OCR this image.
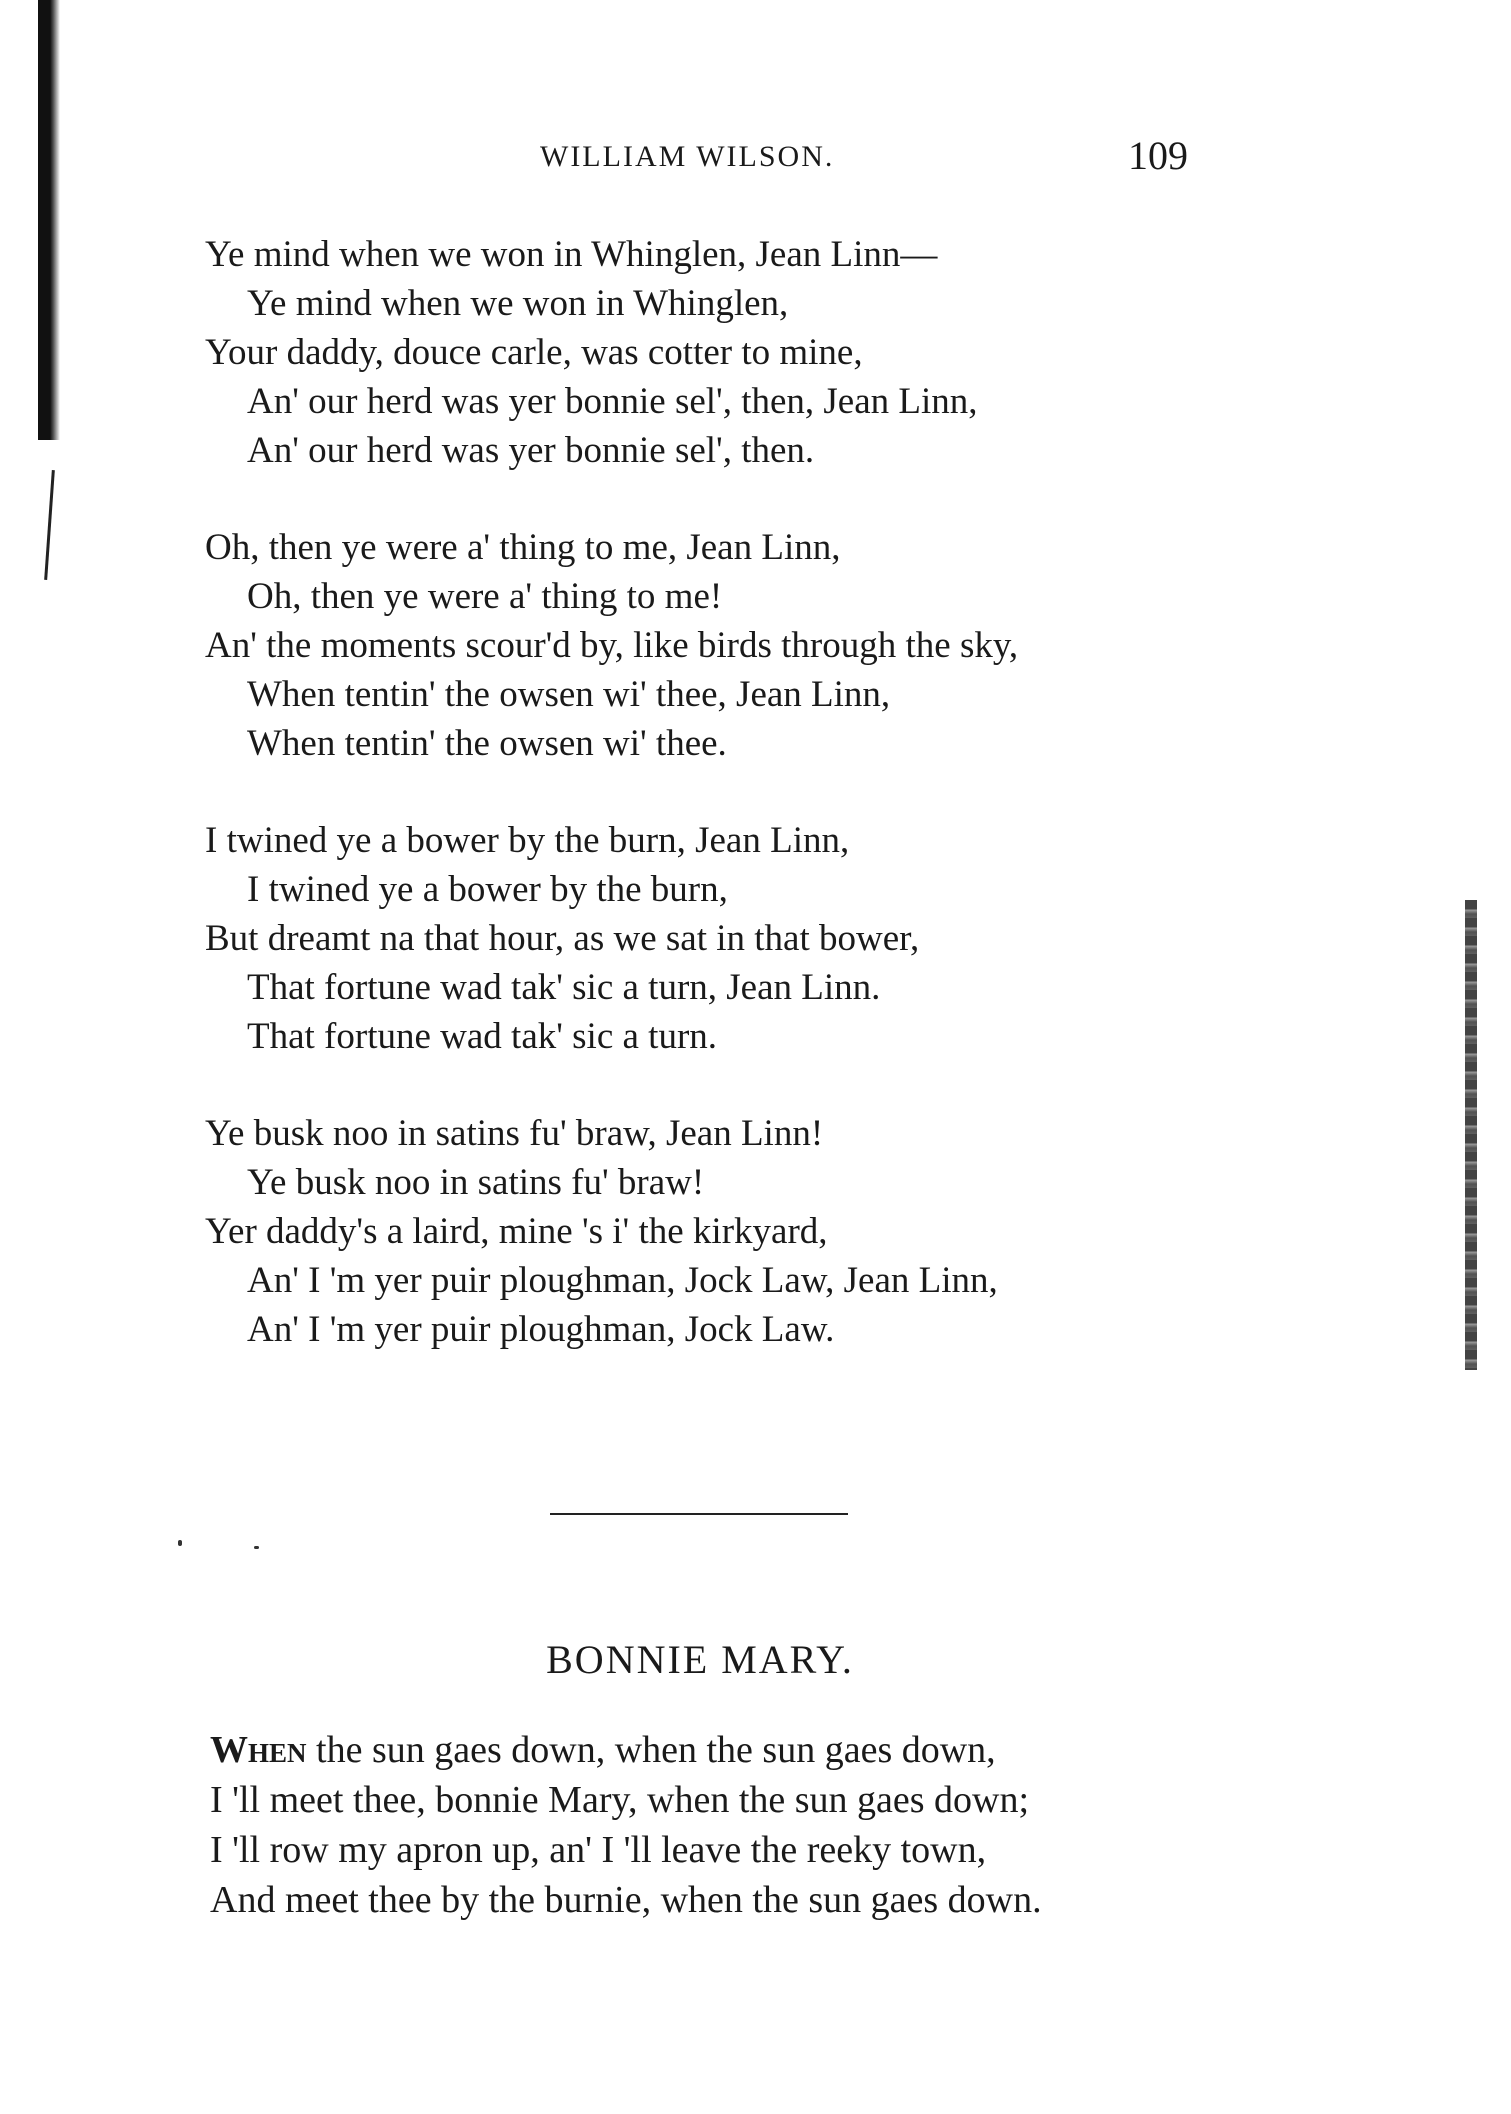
WILLIAM WILSON.	109
Ye mind when we won in Whinglen, Jean Linn—
Ye mind when we won in Whinglen,
Your daddy, douce carle, was cotter to mine,
An' our herd was yer bonnie sel', then, Jean Linn,
An' our herd was yer bonnie sel', then.
Oh, then ye were a' thing to me, Jean Linn,
Oh, then ye were a' thing to me!
An' the moments scour'd by, like birds through the sky,
When tentin' the owsen wi' thee, Jean Linn,
When tentin' the owsen wi' thee.
I twined ye a bower by the burn, Jean Linn,
I twined ye a bower by the burn,
But dreamt na that hour, as we sat in that bower,
That fortune wad tak' sic a turn, Jean Linn.
That fortune wad tak' sic a turn.
Ye busk noo in satins fu' braw, Jean Linn!
Ye busk noo in satins fu' braw!
Yer daddy's a laird, mine 's i' the kirkyard,
An' I 'm yer puir ploughman, Jock Law, Jean Linn,
An' I 'm yer puir ploughman, Jock Law.
BONNIE MARY.
When the sun gaes down, when the sun gaes down,
I 'll meet thee, bonnie Mary, when the sun gaes down;
I 'll row my apron up, an' I 'll leave the reeky town,
And meet thee by the burnie, when the sun gaes down.
